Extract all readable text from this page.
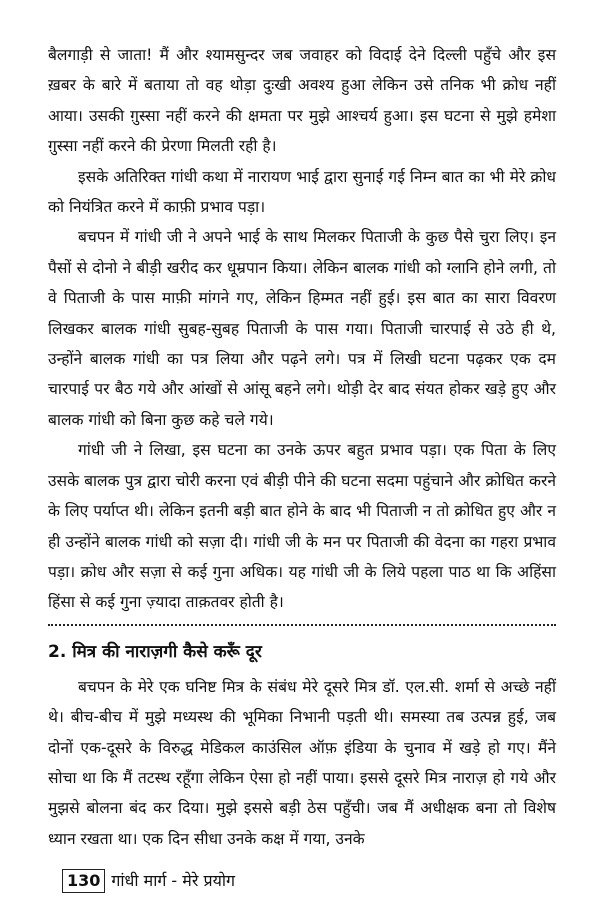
बैलगाड़ी से जाता! मैं और श्यामसुन्दर जब जवाहर को विदाई देने दिल्ली पहुँचे और इस ख़बर के बारे में बताया तो वह थोड़ा दुःखी अवश्य हुआ लेकिन उसे तनिक भी क्रोध नहीं आया। उसकी ग़ुस्सा नहीं करने की क्षमता पर मुझे आश्चर्य हुआ। इस घटना से मुझे हमेशा ग़ुस्सा नहीं करने की प्रेरणा मिलती रही है।

इसके अतिरिक्त गांधी कथा में नारायण भाई द्वारा सुनाई गई निम्न बात का भी मेरे क्रोध को नियंत्रित करने में काफ़ी प्रभाव पड़ा।

बचपन में गांधी जी ने अपने भाई के साथ मिलकर पिताजी के कुछ पैसे चुरा लिए। इन पैसों से दोनो ने बीड़ी खरीद कर धूम्रपान किया। लेकिन बालक गांधी को ग्लानि होने लगी, तो वे पिताजी के पास माफ़ी मांगने गए, लेकिन हिम्मत नहीं हुई। इस बात का सारा विवरण लिखकर बालक गांधी सुबह-सुबह पिताजी के पास गया। पिताजी चारपाई से उठे ही थे, उन्होंने बालक गांधी का पत्र लिया और पढ़ने लगे। पत्र में लिखी घटना पढ़कर एक दम चारपाई पर बैठ गये और आंखों से आंसू बहने लगे। थोड़ी देर बाद संयत होकर खड़े हुए और बालक गांधी को बिना कुछ कहे चले गये।

गांधी जी ने लिखा, इस घटना का उनके ऊपर बहुत प्रभाव पड़ा। एक पिता के लिए उसके बालक पुत्र द्वारा चोरी करना एवं बीड़ी पीने की घटना सदमा पहुंचाने और क्रोधित करने के लिए पर्याप्त थी। लेकिन इतनी बड़ी बात होने के बाद भी पिताजी न तो क्रोधित हुए और न ही उन्होंने बालक गांधी को सज़ा दी। गांधी जी के मन पर पिताजी की वेदना का गहरा प्रभाव पड़ा। क्रोध और सज़ा से कई गुना अधिक। यह गांधी जी के लिये पहला पाठ था कि अहिंसा हिंसा से कई गुना ज़्यादा ताक़तवर होती है।

2. मित्र की नाराज़गी कैसे करूँ दूर

बचपन के मेरे एक घनिष्ट मित्र के संबंध मेरे दूसरे मित्र डॉ. एल.सी. शर्मा से अच्छे नहीं थे। बीच-बीच में मुझे मध्यस्थ की भूमिका निभानी पड़ती थी। समस्या तब उत्पन्न हुई, जब दोनों एक-दूसरे के विरुद्ध मेडिकल काउंसिल ऑफ़ इंडिया के चुनाव में खड़े हो गए। मैंने सोचा था कि मैं तटस्थ रहूँगा लेकिन ऐसा हो नहीं पाया। इससे दूसरे मित्र नाराज़ हो गये और मुझसे बोलना बंद कर दिया। मुझे इससे बड़ी ठेस पहुँची। जब मैं अधीक्षक बना तो विशेष ध्यान रखता था। एक दिन सीधा उनके कक्ष में गया, उनके

130 गांधी मार्ग - मेरे प्रयोग
